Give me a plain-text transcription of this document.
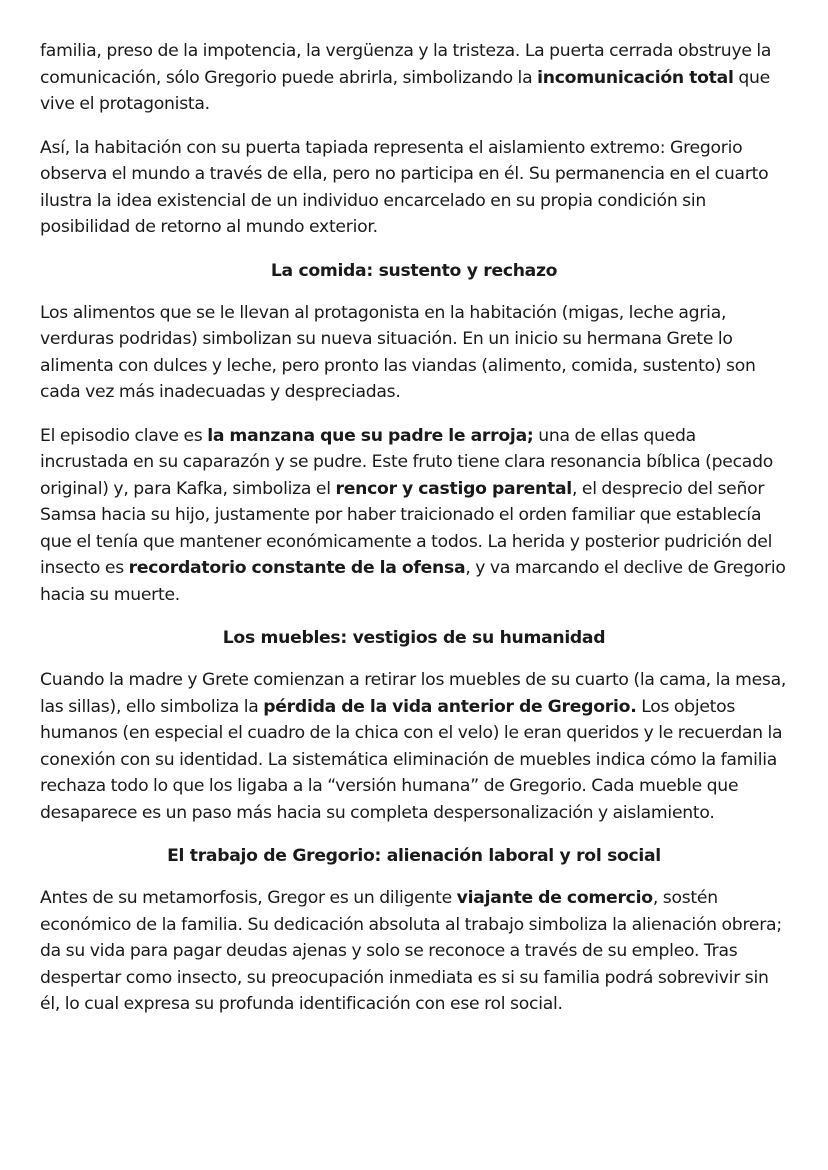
familia, preso de la impotencia, la vergüenza y la tristeza. La puerta cerrada obstruye la comunicación, sólo Gregorio puede abrirla, simbolizando la incomunicación total que vive el protagonista.

Así, la habitación con su puerta tapiada representa el aislamiento extremo: Gregorio observa el mundo a través de ella, pero no participa en él. Su permanencia en el cuarto ilustra la idea existencial de un individuo encarcelado en su propia condición sin posibilidad de retorno al mundo exterior.

La comida: sustento y rechazo

Los alimentos que se le llevan al protagonista en la habitación (migas, leche agria, verduras podridas) simbolizan su nueva situación. En un inicio su hermana Grete lo alimenta con dulces y leche, pero pronto las viandas (alimento, comida, sustento) son cada vez más inadecuadas y despreciadas.

El episodio clave es la manzana que su padre le arroja; una de ellas queda incrustada en su caparazón y se pudre. Este fruto tiene clara resonancia bíblica (pecado original) y, para Kafka, simboliza el rencor y castigo parental, el desprecio del señor Samsa hacia su hijo, justamente por haber traicionado el orden familiar que establecía que el tenía que mantener económicamente a todos. La herida y posterior pudrición del insecto es recordatorio constante de la ofensa, y va marcando el declive de Gregorio hacia su muerte.

Los muebles: vestigios de su humanidad

Cuando la madre y Grete comienzan a retirar los muebles de su cuarto (la cama, la mesa, las sillas), ello simboliza la pérdida de la vida anterior de Gregorio. Los objetos humanos (en especial el cuadro de la chica con el velo) le eran queridos y le recuerdan la conexión con su identidad. La sistemática eliminación de muebles indica cómo la familia rechaza todo lo que los ligaba a la “versión humana” de Gregorio. Cada mueble que desaparece es un paso más hacia su completa despersonalización y aislamiento.

El trabajo de Gregorio: alienación laboral y rol social

Antes de su metamorfosis, Gregor es un diligente viajante de comercio, sostén económico de la familia. Su dedicación absoluta al trabajo simboliza la alienación obrera; da su vida para pagar deudas ajenas y solo se reconoce a través de su empleo. Tras despertar como insecto, su preocupación inmediata es si su familia podrá sobrevivir sin él, lo cual expresa su profunda identificación con ese rol social.
